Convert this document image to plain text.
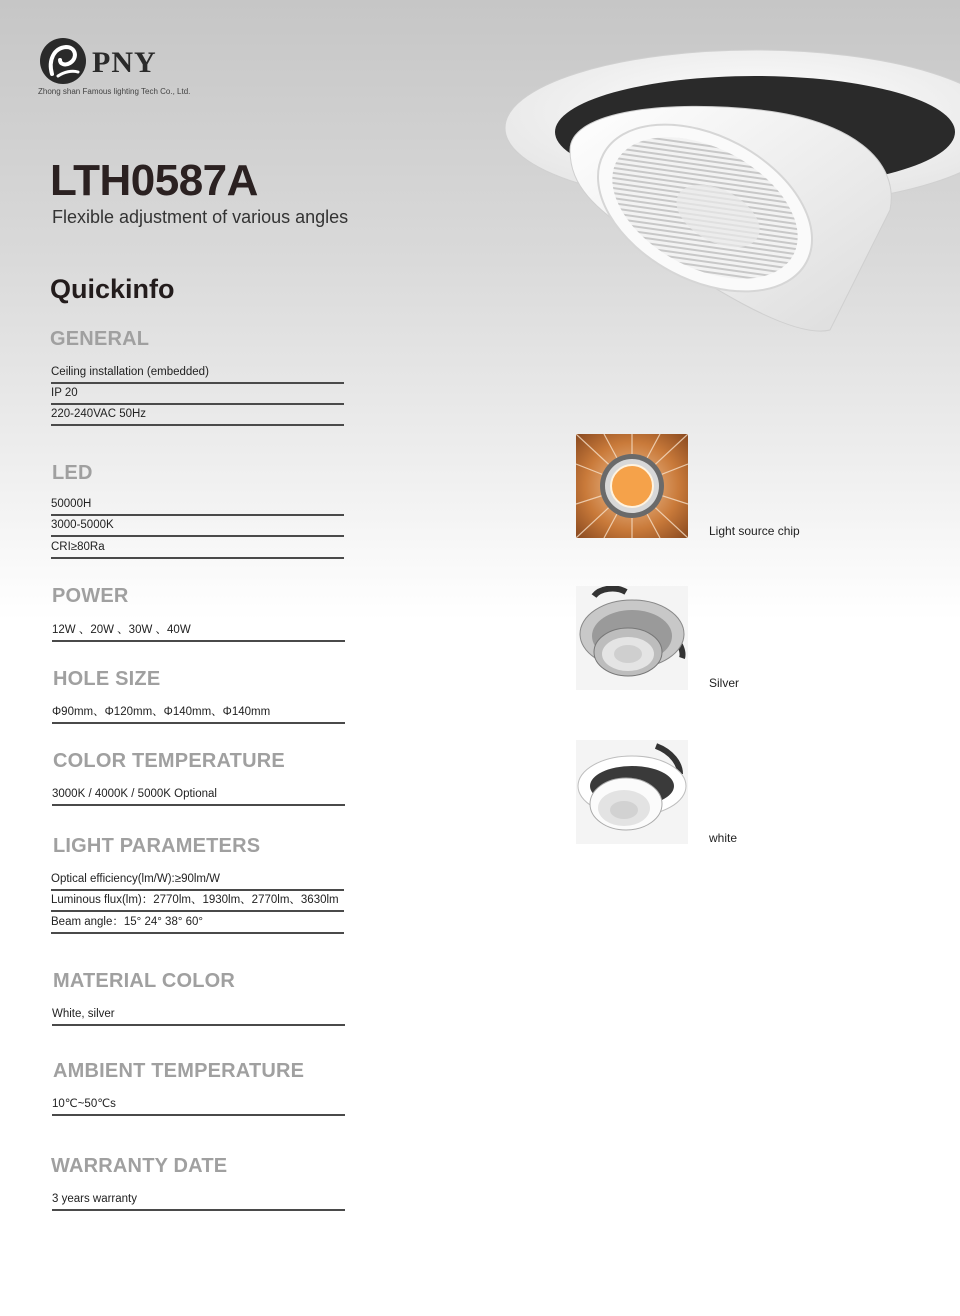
PNY
Zhong shan Famous lighting Tech Co., Ltd.
LTH0587A
Flexible adjustment of various angles
Quickinfo
GENERAL
Ceiling installation (embedded)
IP 20
220-240VAC 50Hz
LED
50000H
3000-5000K
CRI≥80Ra
POWER
12W 、20W 、30W 、40W
HOLE SIZE
Φ90mm、Φ120mm、Φ140mm、Φ140mm
COLOR TEMPERATURE
3000K / 4000K / 5000K Optional
LIGHT PARAMETERS
Optical efficiency(lm/W):≥90lm/W
Luminous flux(lm)：2770lm、1930lm、2770lm、3630lm
Beam angle：15° 24° 38° 60°
MATERIAL COLOR
White, silver
AMBIENT TEMPERATURE
10℃~50℃s
WARRANTY DATE
3 years warranty
Light source chip
Silver
white
